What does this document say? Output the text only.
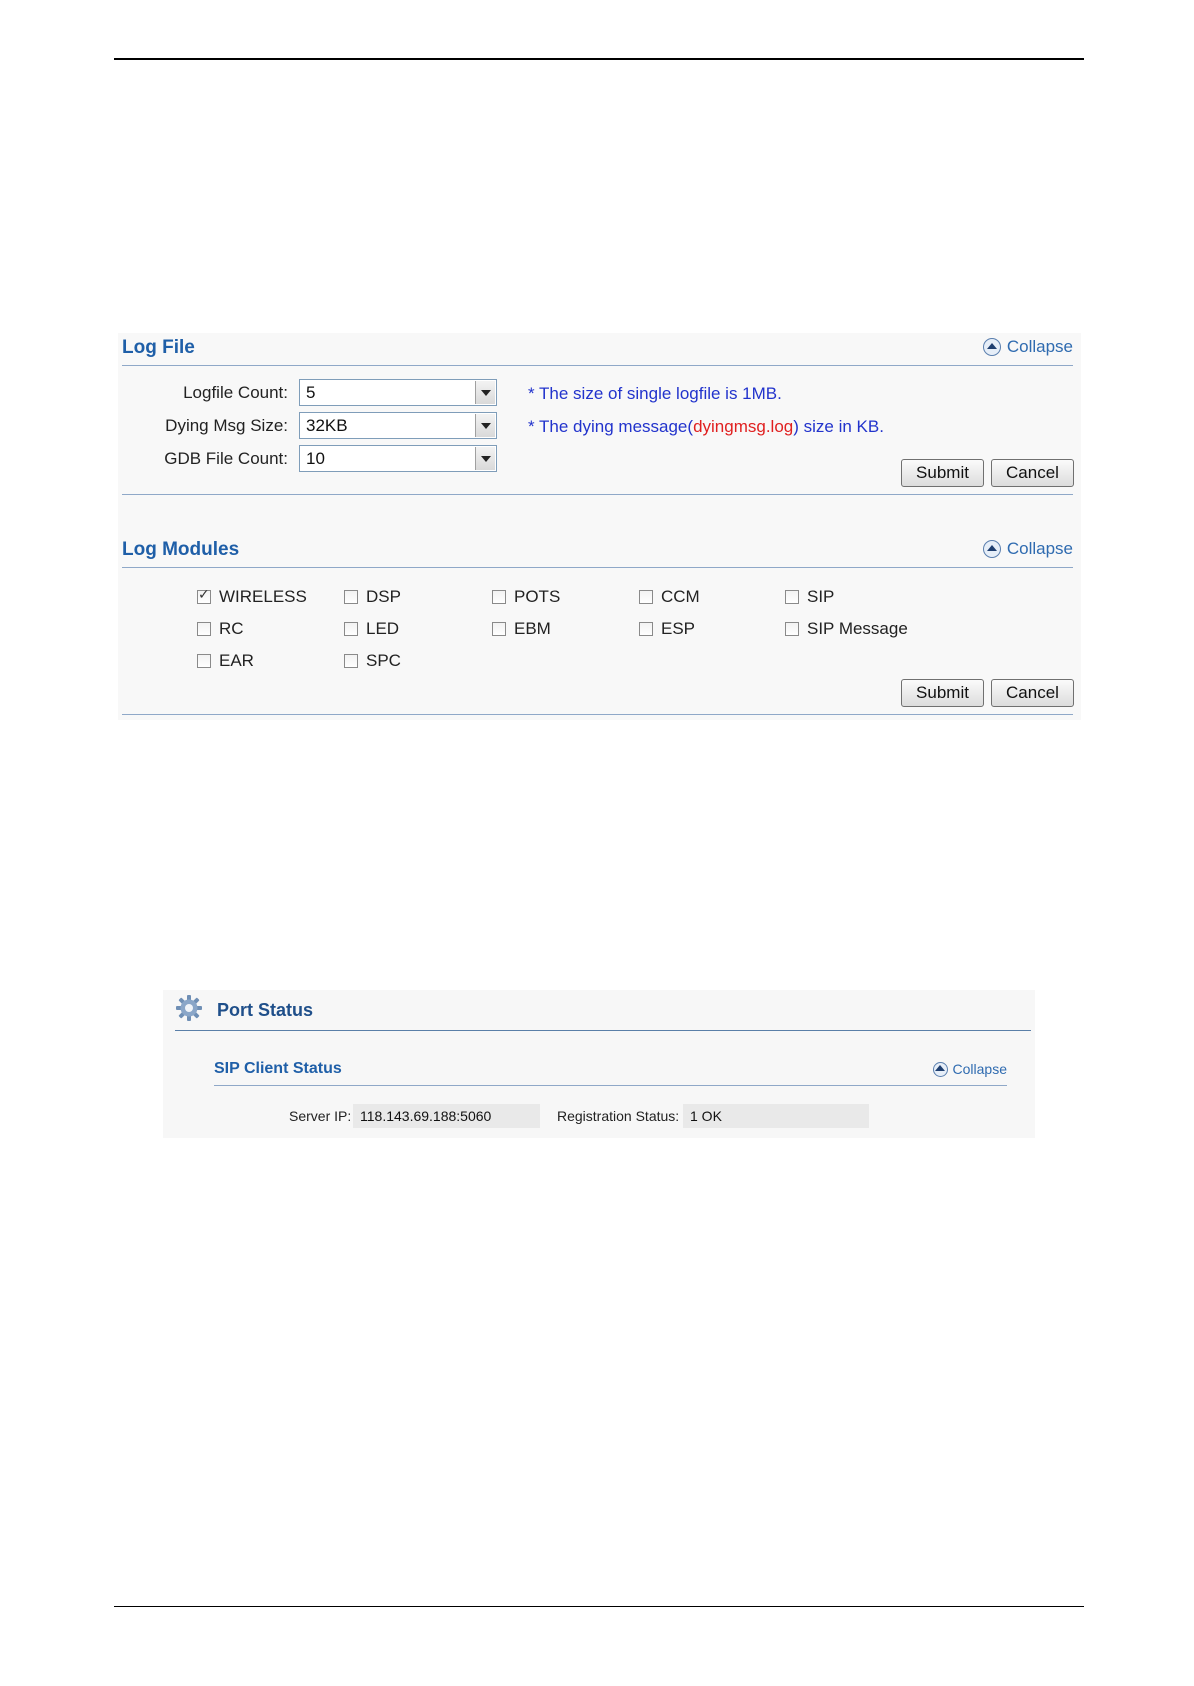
Log File	Collapse
Logfile Count: 5
Dying Msg Size: 32KB
GDB File Count: 10
* The size of single logfile is 1MB.
* The dying message(dyingmsg.log) size in KB.
Submit	Cancel
Log Modules	Collapse
✓
WIRELESS	DSP	POTS	CCM	SIP
RC	LED	EBM	ESP	SIP Message
EAR	SPC
Submit	Cancel
Port Status
SIP Client Status	Collapse
Server IP: 118.143.69.188:5060	Registration Status: 1 OK
